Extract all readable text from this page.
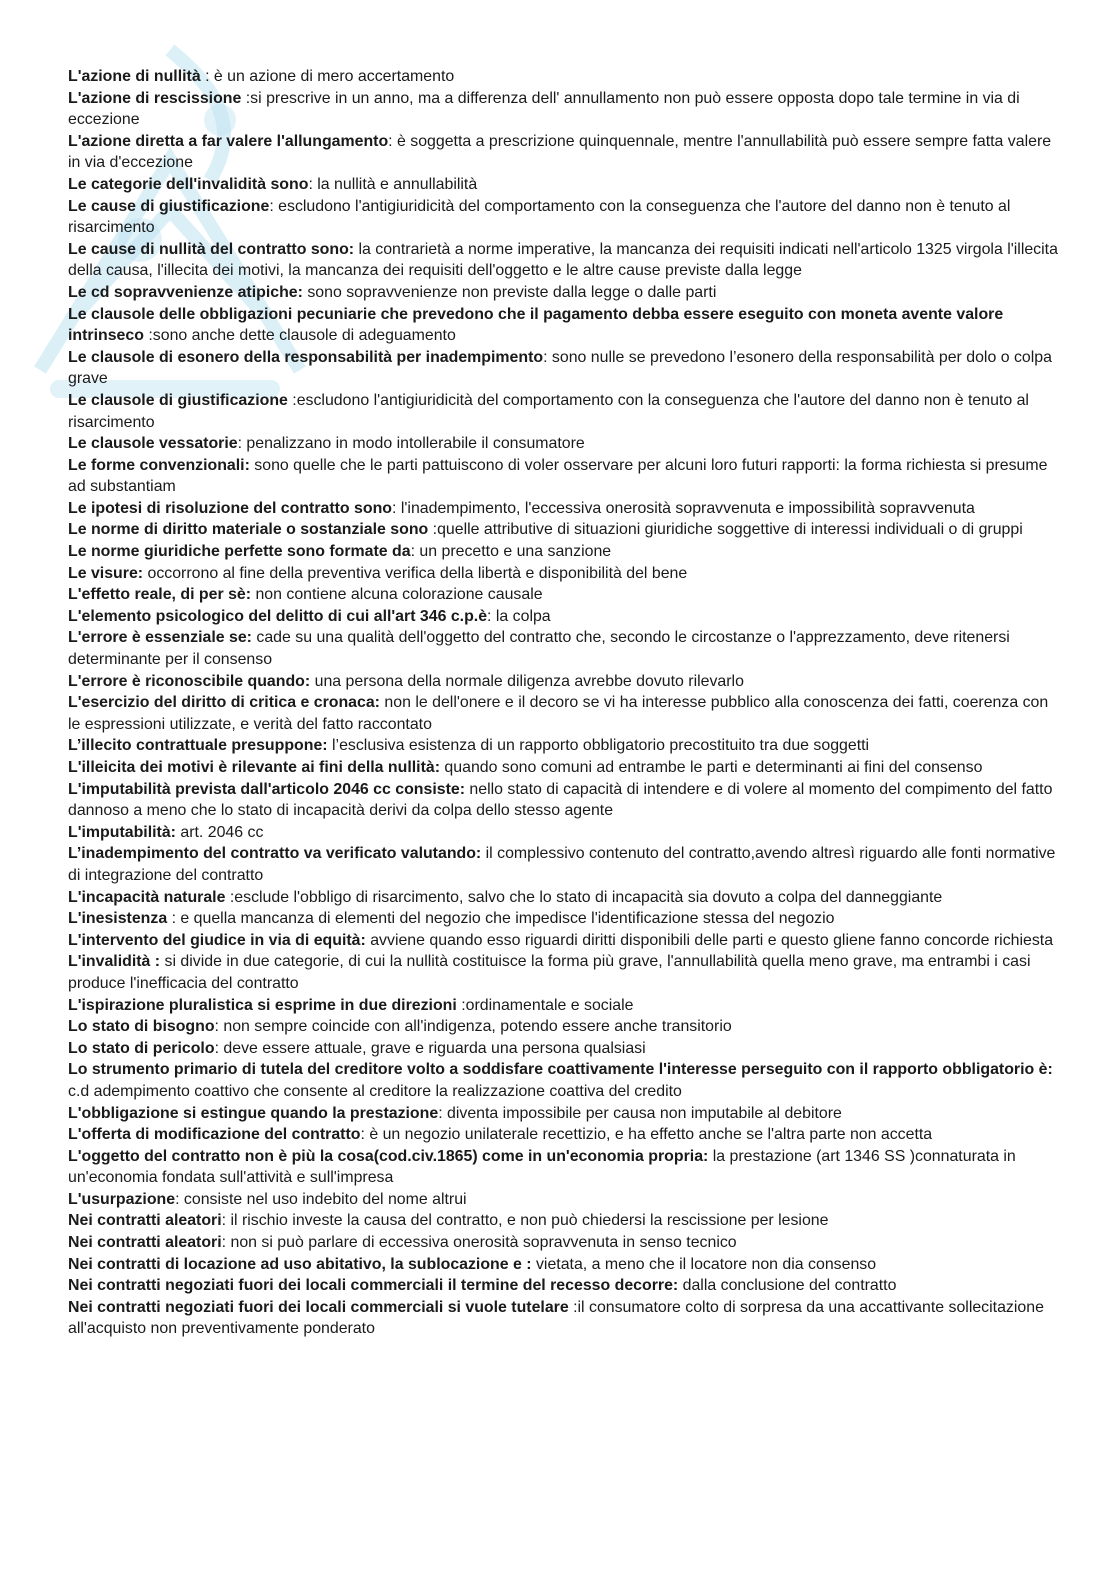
L'azione di nullità : è un azione di mero accertamento

L'azione di rescissione :si prescrive in un anno, ma a differenza dell' annullamento non può essere opposta dopo tale termine in via di eccezione

L'azione diretta a far valere l'allungamento: è soggetta a prescrizione quinquennale, mentre l'annullabilità può essere sempre fatta valere in via d'eccezione

Le categorie dell'invalidità sono: la nullità e annullabilità

Le cause di giustificazione: escludono l'antigiuridicità del comportamento con la conseguenza che l'autore del danno non è tenuto al risarcimento

Le cause di nullità del contratto sono: la contrarietà a norme imperative, la mancanza dei requisiti indicati nell'articolo 1325 virgola l'illecita della causa, l'illecita dei motivi, la mancanza dei requisiti dell'oggetto e le altre cause previste dalla legge

Le cd sopravvenienze atipiche: sono sopravvenienze non previste dalla legge o dalle parti

Le clausole delle obbligazioni pecuniarie che prevedono che il pagamento debba essere eseguito con moneta avente valore intrinseco :sono anche dette clausole di adeguamento

Le clausole di esonero della responsabilità per inadempimento: sono nulle se prevedono l’esonero della responsabilità per dolo o colpa grave

Le clausole di giustificazione :escludono l'antigiuridicità del comportamento con la conseguenza che l'autore del danno non è tenuto al risarcimento

Le clausole vessatorie: penalizzano in modo intollerabile il consumatore

Le forme convenzionali: sono quelle che le parti pattuiscono di voler osservare per alcuni loro futuri rapporti: la forma richiesta si presume ad substantiam

Le ipotesi di risoluzione del contratto sono: l'inadempimento, l'eccessiva onerosità sopravvenuta e impossibilità sopravvenuta

Le norme di diritto materiale o sostanziale sono :quelle attributive di situazioni giuridiche soggettive di interessi individuali o di gruppi

Le norme giuridiche perfette sono formate da: un precetto e una sanzione

Le visure: occorrono al fine della preventiva verifica della libertà e disponibilità del bene

L'effetto reale, di per sè: non contiene alcuna colorazione causale

L'elemento psicologico del delitto di cui all'art 346 c.p.è: la colpa

L'errore è essenziale se: cade su una qualità dell'oggetto del contratto che, secondo le circostanze o l'apprezzamento, deve ritenersi determinante per il consenso

L'errore è riconoscibile quando: una persona della normale diligenza avrebbe dovuto rilevarlo

L'esercizio del diritto di critica e cronaca: non le dell'onere e il decoro se vi ha interesse pubblico alla conoscenza dei fatti, coerenza con le espressioni utilizzate, e verità del fatto raccontato

L’illecito contrattuale presuppone: l’esclusiva esistenza di un rapporto obbligatorio precostituito tra due soggetti

L'illeicita dei motivi è rilevante ai fini della nullità: quando sono comuni ad entrambe le parti e determinanti ai fini del consenso

L'imputabilità prevista dall'articolo 2046 cc consiste: nello stato di capacità di intendere e di volere al momento del compimento del fatto dannoso a meno che lo stato di incapacità derivi da colpa dello stesso agente

L'imputabilità: art. 2046 cc

L’inadempimento del contratto va verificato valutando: il complessivo contenuto del contratto,avendo altresì riguardo alle fonti normative di integrazione del contratto

L'incapacità naturale :esclude l'obbligo di risarcimento, salvo che lo stato di incapacità sia dovuto a colpa del danneggiante

L'inesistenza : e quella mancanza di elementi del negozio che impedisce l'identificazione stessa del negozio

L'intervento del giudice in via di equità: avviene quando esso riguardi diritti disponibili delle parti e questo gliene fanno concorde richiesta

L'invalidità : si divide in due categorie, di cui la nullità costituisce la forma più grave, l'annullabilità quella meno grave, ma entrambi i casi produce l'inefficacia del contratto

L'ispirazione pluralistica si esprime in due direzioni :ordinamentale e sociale

Lo stato di bisogno: non sempre coincide con all'indigenza, potendo essere anche transitorio

Lo stato di pericolo: deve essere attuale, grave e riguarda una persona qualsiasi

Lo strumento primario di tutela del creditore volto a soddisfare coattivamente l'interesse perseguito con il rapporto obbligatorio è: c.d adempimento coattivo che consente al creditore la realizzazione coattiva del credito

L'obbligazione si estingue quando la prestazione: diventa impossibile per causa non imputabile al debitore

L'offerta di modificazione del contratto: è un negozio unilaterale recettizio, e ha effetto anche se l'altra parte non accetta

L'oggetto del contratto non è più la cosa(cod.civ.1865) come in un'economia propria: la prestazione (art 1346 SS )connaturata in un'economia fondata sull'attività e sull'impresa

L'usurpazione: consiste nel uso indebito del nome altrui

Nei contratti aleatori: il rischio investe la causa del contratto, e non può chiedersi la rescissione per lesione

Nei contratti aleatori: non si può parlare di eccessiva onerosità sopravvenuta in senso tecnico

Nei contratti di locazione ad uso abitativo, la sublocazione e : vietata, a meno che il locatore non dia consenso

Nei contratti negoziati fuori dei locali commerciali il termine del recesso decorre: dalla conclusione del contratto

Nei contratti negoziati fuori dei locali commerciali si vuole tutelare :il consumatore colto di sorpresa da una accattivante sollecitazione all'acquisto non preventivamente ponderato
